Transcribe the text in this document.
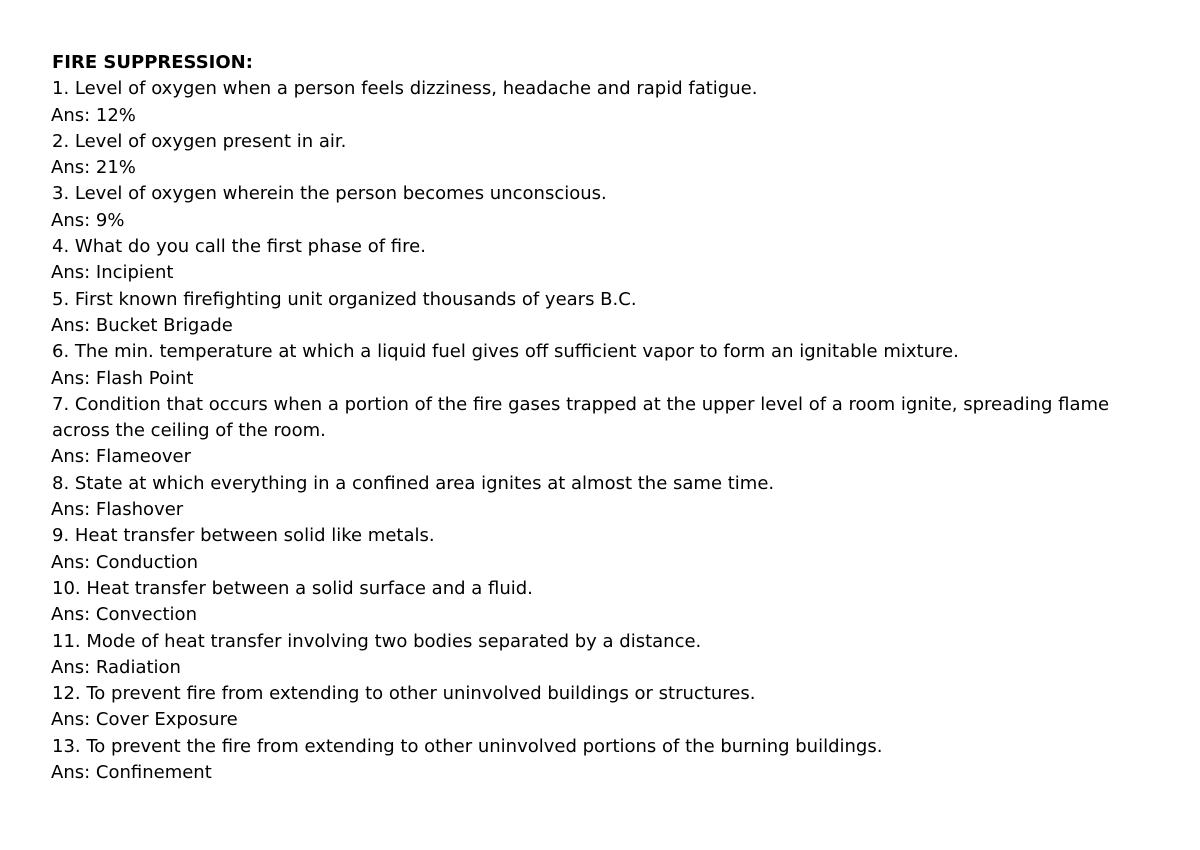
FIRE SUPPRESSION:
1. Level of oxygen when a person feels dizziness, headache and rapid fatigue.
Ans: 12%
2. Level of oxygen present in air.
Ans: 21%
3. Level of oxygen wherein the person becomes unconscious.
Ans: 9%
4. What do you call the first phase of fire.
Ans: Incipient
5. First known firefighting unit organized thousands of years B.C.
Ans: Bucket Brigade
6. The min. temperature at which a liquid fuel gives off sufficient vapor to form an ignitable mixture.
Ans: Flash Point
7. Condition that occurs when a portion of the fire gases trapped at the upper level of a room ignite, spreading flame across the ceiling of the room.
Ans: Flameover
8. State at which everything in a confined area ignites at almost the same time.
Ans: Flashover
9. Heat transfer between solid like metals.
Ans: Conduction
10. Heat transfer between a solid surface and a fluid.
Ans: Convection
11. Mode of heat transfer involving two bodies separated by a distance.
Ans: Radiation
12. To prevent fire from extending to other uninvolved buildings or structures.
Ans: Cover Exposure
13. To prevent the fire from extending to other uninvolved portions of the burning buildings.
Ans: Confinement
